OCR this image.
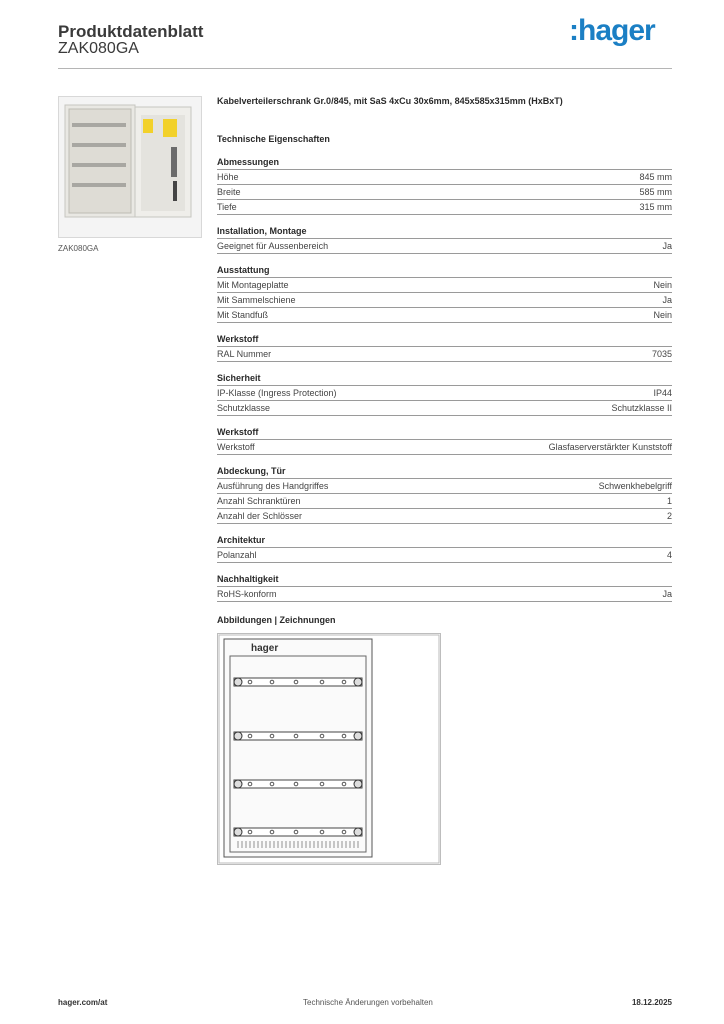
Produktdatenblatt
ZAK080GA
:hager
ZAK080GA
Kabelverteilerschrank Gr.0/845, mit SaS 4xCu 30x6mm, 845x585x315mm (HxBxT)
Technische Eigenschaften
Abmessungen
Höhe	845 mm
Breite	585 mm
Tiefe	315 mm
Installation, Montage
Geeignet für Aussenbereich	Ja
Ausstattung
Mit Montageplatte	Nein
Mit Sammelschiene	Ja
Mit Standfuß	Nein
Werkstoff
RAL Nummer	7035
Sicherheit
IP-Klasse (Ingress Protection)	IP44
Schutzklasse	Schutzklasse II
Werkstoff
Werkstoff	Glasfaserverstärkter Kunststoff
Abdeckung, Tür
Ausführung des Handgriffes	Schwenkhebelgriff
Anzahl Schranktüren	1
Anzahl der Schlösser	2
Architektur
Polanzahl	4
Nachhaltigkeit
RoHS-konform	Ja
Abbildungen | Zeichnungen
hager
hager.com/at	Technische Änderungen vorbehalten	18.12.2025
